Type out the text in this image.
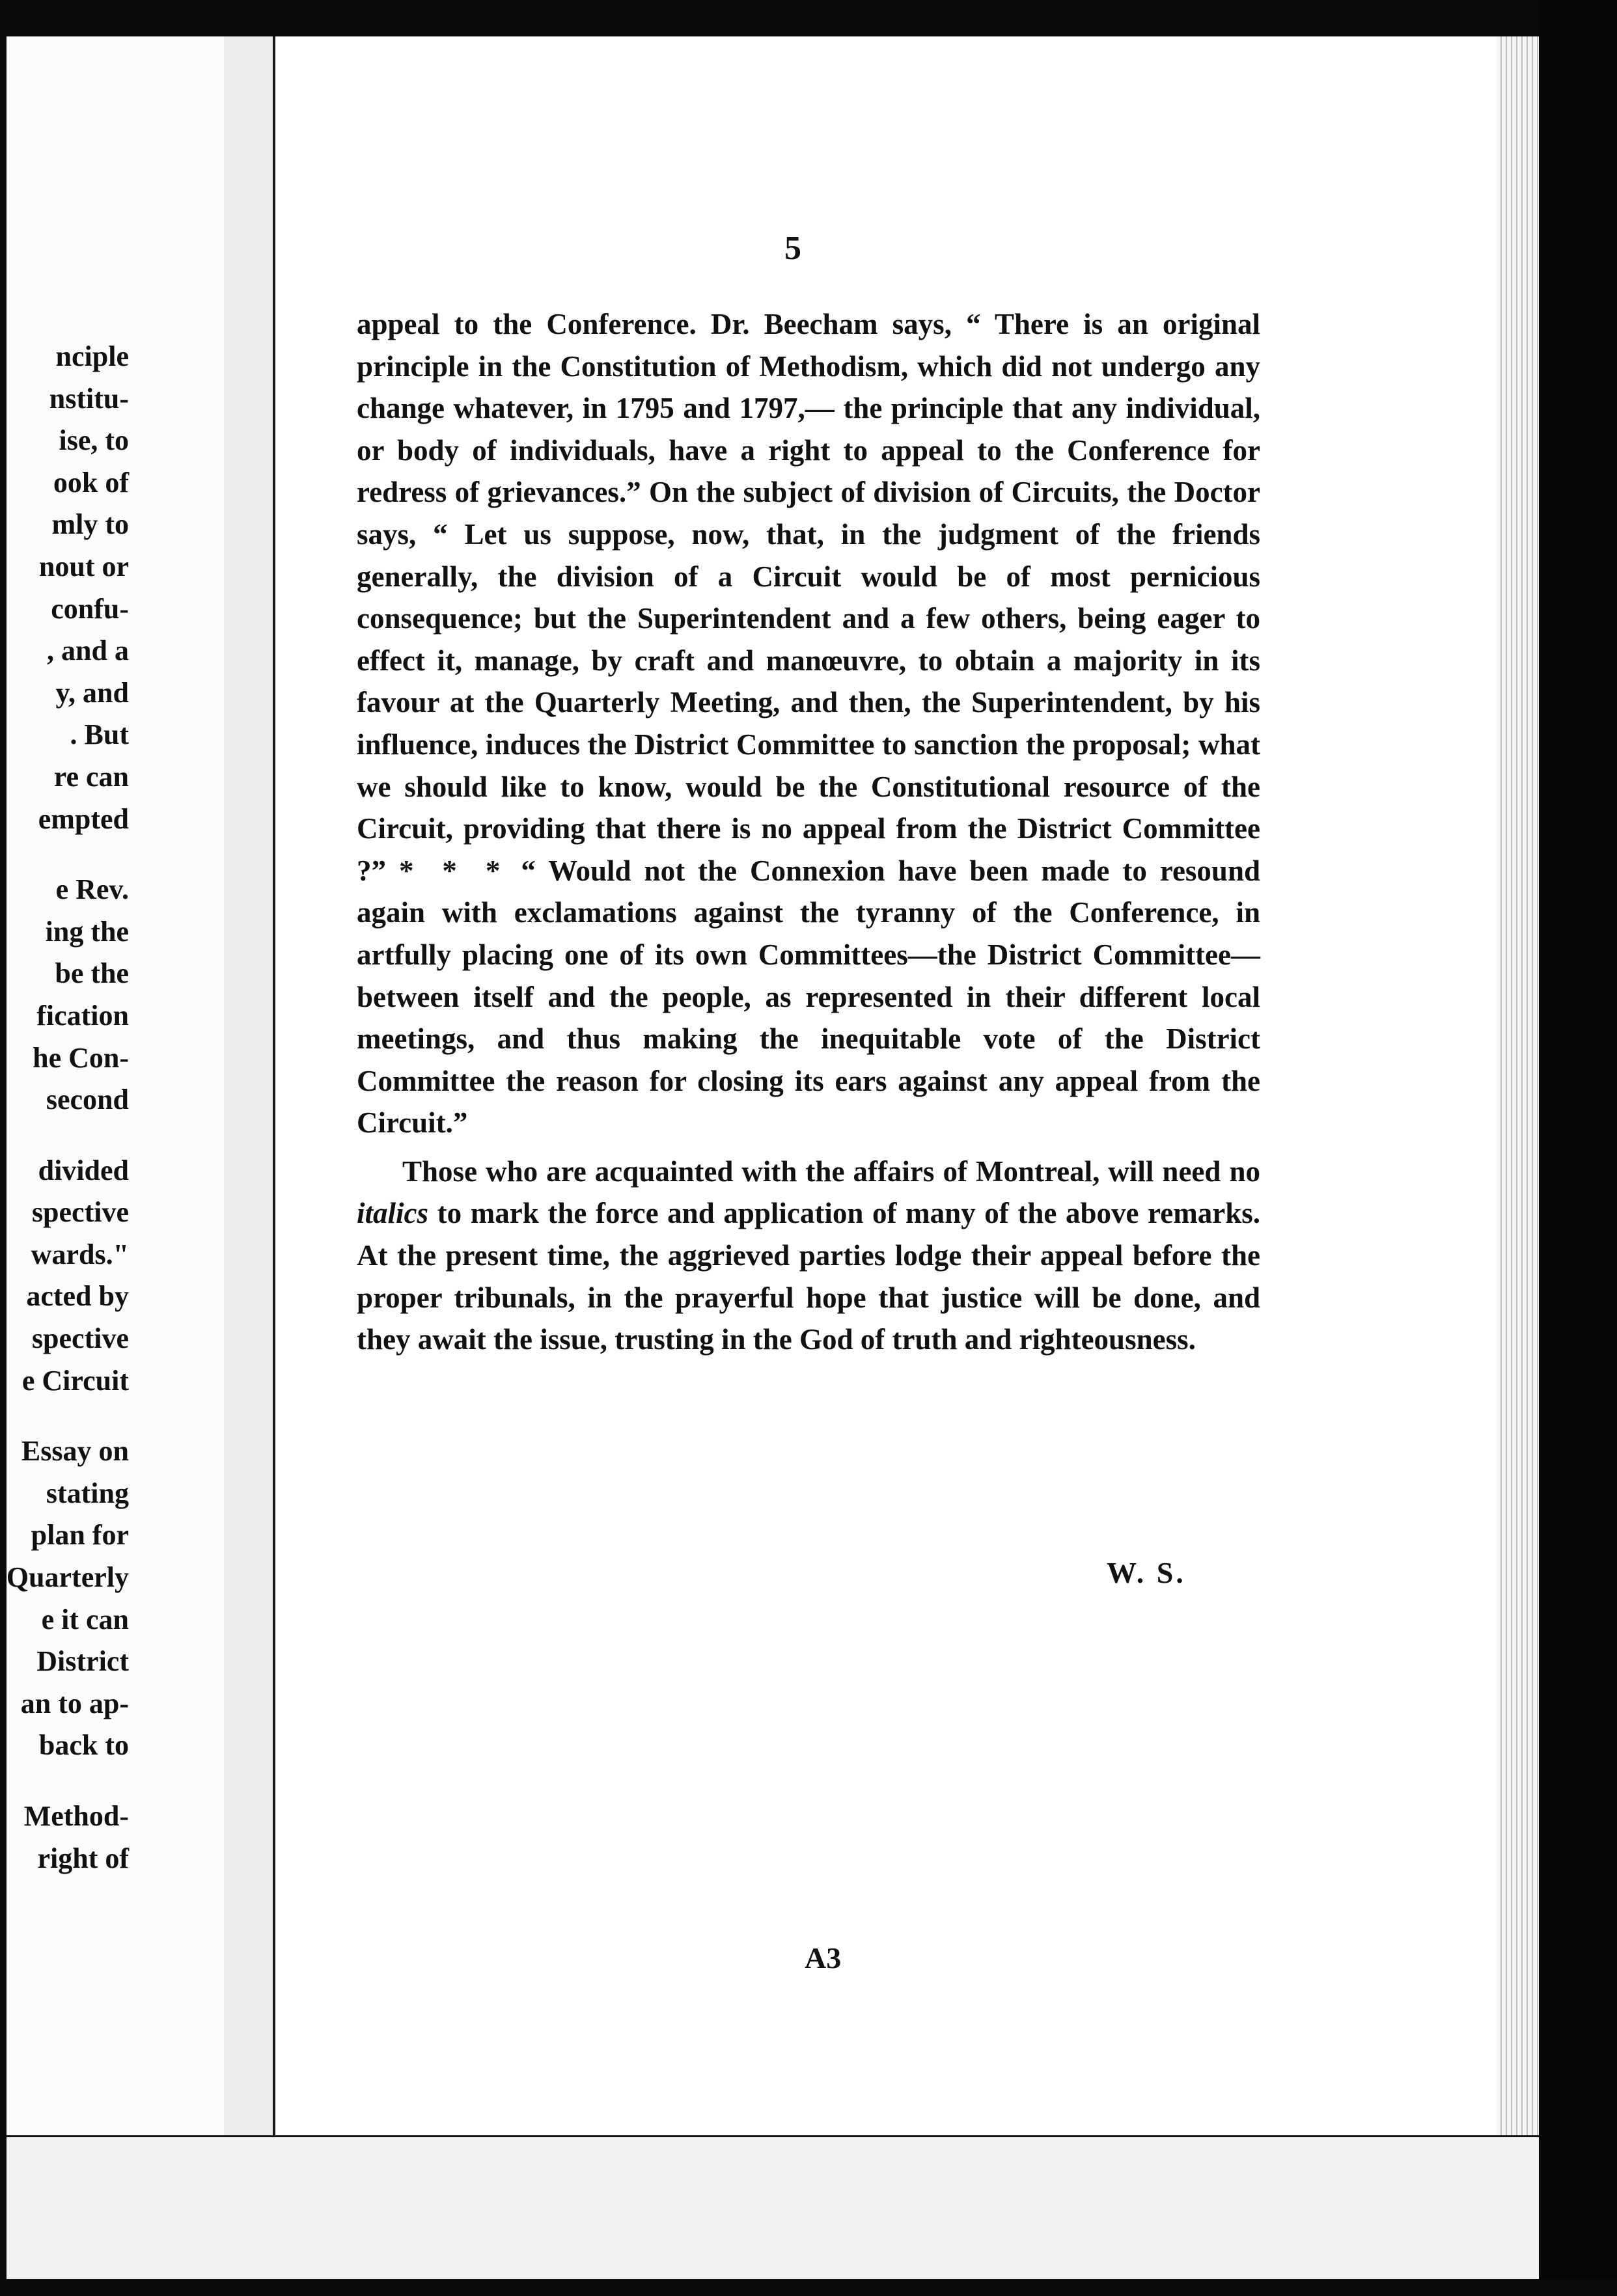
nciple
nstitu-
ise, to
ook of
mly to
nout or
confu-
, and a
y, and
. But
re can
empted
e Rev.
ing the
be the
fication
he Con-
second
divided
spective
wards."
acted by
spective
e Circuit
Essay on
stating
plan for
Quarterly
e it can
District
an to ap-
back to
Method-
right of
5

appeal to the Conference. Dr. Beecham says, “ There is an original principle in the Constitution of Methodism, which did not undergo any change whatever, in 1795 and 1797,— the principle that any individual, or body of individuals, have a right to appeal to the Conference for redress of grievances.” On the subject of division of Circuits, the Doctor says, “ Let us suppose, now, that, in the judgment of the friends generally, the division of a Circuit would be of most pernicious consequence; but the Superintendent and a few others, being eager to effect it, manage, by craft and manœuvre, to obtain a majority in its favour at the Quarterly Meeting, and then, the Superintendent, by his influence, induces the District Committee to sanction the proposal; what we should like to know, would be the Constitutional resource of the Circuit, providing that there is no appeal from the District Committee ?” * * * “ Would not the Connexion have been made to resound again with exclamations against the tyranny of the Conference, in artfully placing one of its own Committees—the District Committee—between itself and the people, as represented in their different local meetings, and thus making the inequitable vote of the District Committee the reason for closing its ears against any appeal from the Circuit.”

Those who are acquainted with the affairs of Montreal, will need no italics to mark the force and application of many of the above remarks. At the present time, the aggrieved parties lodge their appeal before the proper tribunals, in the prayerful hope that justice will be done, and they await the issue, trusting in the God of truth and righteousness.

W. S.
A3
